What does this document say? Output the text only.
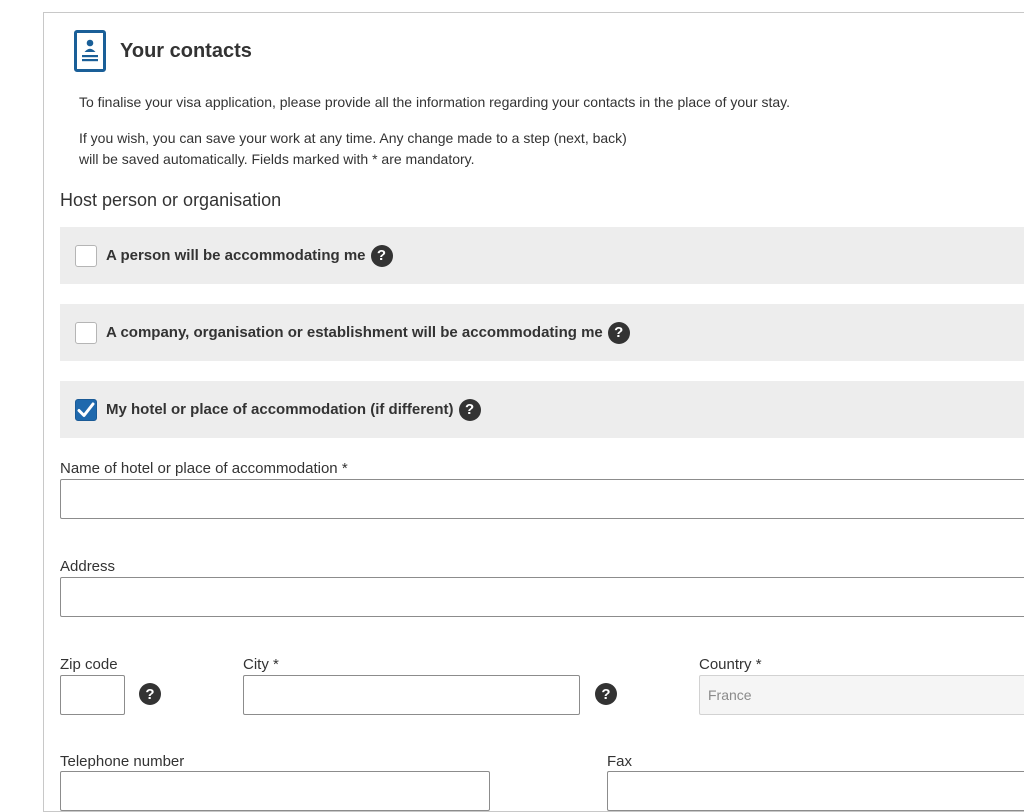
Your contacts
To finalise your visa application, please provide all the information regarding your contacts in the place of your stay.
If you wish, you can save your work at any time. Any change made to a step (next, back)
will be saved automatically. Fields marked with * are mandatory.
Host person or organisation
A person will be accommodating me ?
A company, organisation or establishment will be accommodating me ?
My hotel or place of accommodation (if different) ?
Name of hotel or place of accommodation *
Address
Zip code
?
City *
?
Country *
France
Telephone number	Fax
